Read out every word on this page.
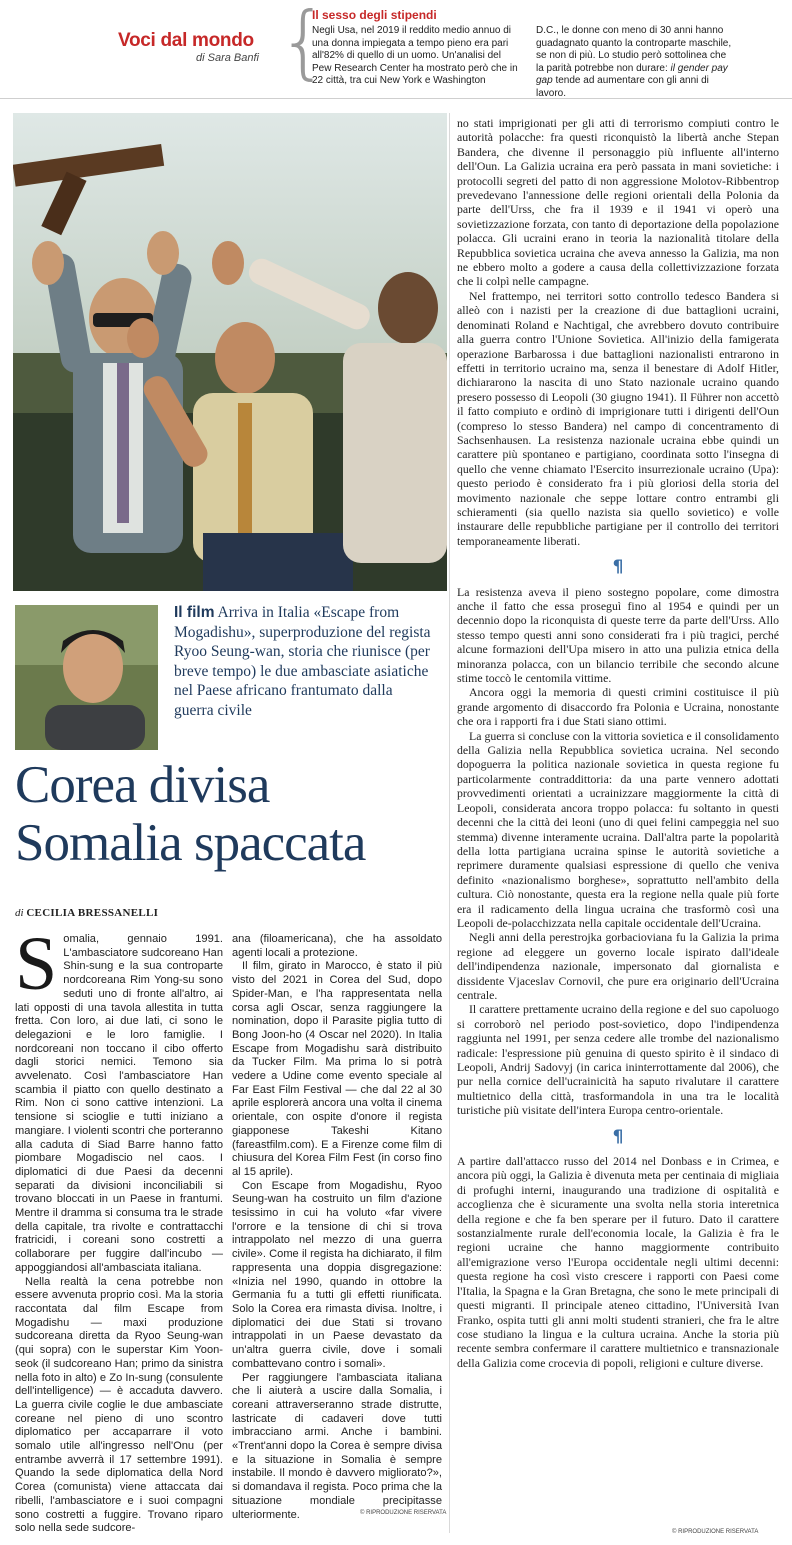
Voci dal mondo
di Sara Banfi {
Il sesso degli stipendi
Negli Usa, nel 2019 il reddito medio annuo di una donna impiegata a tempo pieno era pari all'82% di quello di un uomo. Un'analisi del Pew Research Center ha mostrato però che in 22 città, tra cui New York e Washington
D.C., le donne con meno di 30 anni hanno guadagnato quanto la controparte maschile, se non di più. Lo studio però sottolinea che la parità potrebbe non durare: il gender pay gap tende ad aumentare con gli anni di lavoro.
Il film Arriva in Italia «Escape from Mogadishu», superproduzione del regista Ryoo Seung-wan, storia che riunisce (per breve tempo) le due ambasciate asiatiche nel Paese africano frantumato dalla guerra civile
Corea divisa
Somalia spaccata
di CECILIA BRESSANELLI

Somalia, gennaio 1991. L'ambasciatore sudcoreano Han Shin-sung e la sua controparte nordcoreana Rim Yong-su sono seduti uno di fronte all'altro, ai lati opposti di una tavola allestita in tutta fretta. Con loro, ai due lati, ci sono le delegazioni e le loro famiglie. I nordcoreani non toccano il cibo offerto dagli storici nemici. Temono sia avvelenato. Così l'ambasciatore Han scambia il piatto con quello destinato a Rim. Non ci sono cattive intenzioni. La tensione si scioglie e tutti iniziano a mangiare. I violenti scontri che porteranno alla caduta di Siad Barre hanno fatto piombare Mogadiscio nel caos. I diplomatici di due Paesi da decenni separati da divisioni inconciliabili si trovano bloccati in un Paese in frantumi. Mentre il dramma si consuma tra le strade della capitale, tra rivolte e contrattacchi fratricidi, i coreani sono costretti a collaborare per fuggire dall'incubo — appoggiandosi all'ambasciata italiana.

Nella realtà la cena potrebbe non essere avvenuta proprio così. Ma la storia raccontata dal film Escape from Mogadishu — maxi produzione sudcoreana diretta da Ryoo Seung-wan (qui sopra) con le superstar Kim Yoon-seok (il sudcoreano Han; primo da sinistra nella foto in alto) e Zo In-sung (consulente dell'intelligence) — è accaduta davvero. La guerra civile coglie le due ambasciate coreane nel pieno di uno scontro diplomatico per accaparrare il voto somalo utile all'ingresso nell'Onu (per entrambe avverrà il 17 settembre 1991). Quando la sede diplomatica della Nord Corea (comunista) viene attaccata dai ribelli, l'ambasciatore e i suoi compagni sono costretti a fuggire. Trovano riparo solo nella sede sudcore-

ana (filoamericana), che ha assoldato agenti locali a protezione.

Il film, girato in Marocco, è stato il più visto del 2021 in Corea del Sud, dopo Spider-Man, e l'ha rappresentata nella corsa agli Oscar, senza raggiungere la nomination, dopo il Parasite piglia tutto di Bong Joon-ho (4 Oscar nel 2020). In Italia Escape from Mogadishu sarà distribuito da Tucker Film. Ma prima lo si potrà vedere a Udine come evento speciale al Far East Film Festival — che dal 22 al 30 aprile esplorerà ancora una volta il cinema orientale, con ospite d'onore il regista giapponese Takeshi Kitano (fareastfilm.com). E a Firenze come film di chiusura del Korea Film Fest (in corso fino al 15 aprile).

Con Escape from Mogadishu, Ryoo Seung-wan ha costruito un film d'azione tesissimo in cui ha voluto «far vivere l'orrore e la tensione di chi si trova intrappolato nel mezzo di una guerra civile». Come il regista ha dichiarato, il film rappresenta una doppia disgregazione: «Inizia nel 1990, quando in ottobre la Germania fu a tutti gli effetti riunificata. Solo la Corea era rimasta divisa. Inoltre, i diplomatici dei due Stati si trovano intrappolati in un Paese devastato da un'altra guerra civile, dove i somali combattevano contro i somali».

Per raggiungere l'ambasciata italiana che li aiuterà a uscire dalla Somalia, i coreani attraverseranno strade distrutte, lastricate di cadaveri dove tutti imbracciano armi. Anche i bambini. «Trent'anni dopo la Corea è sempre divisa e la situazione in Somalia è sempre instabile. Il mondo è davvero migliorato?», si domandava il regista. Poco prima che la situazione mondiale precipitasse ulteriormente.	© RIPRODUZIONE RISERVATA

no stati imprigionati per gli atti di terrorismo compiuti contro le autorità polacche: fra questi riconquistò la libertà anche Stepan Bandera, che divenne il personaggio più influente all'interno dell'Oun. La Galizia ucraina era però passata in mani sovietiche: i protocolli segreti del patto di non aggressione Molotov-Ribbentrop prevedevano l'annessione delle regioni orientali della Polonia da parte dell'Urss, che fra il 1939 e il 1941 vi operò una sovietizzazione forzata, con tanto di deportazione della popolazione polacca. Gli ucraini erano in teoria la nazionalità titolare della Repubblica sovietica ucraina che aveva annesso la Galizia, ma non ne ebbero molto a godere a causa della collettivizzazione forzata che li colpì nelle campagne.

Nel frattempo, nei territori sotto controllo tedesco Bandera si alleò con i nazisti per la creazione di due battaglioni ucraini, denominati Roland e Nachtigal, che avrebbero dovuto contribuire alla guerra contro l'Unione Sovietica. All'inizio della famigerata operazione Barbarossa i due battaglioni nazionalisti entrarono in effetti in territorio ucraino ma, senza il benestare di Adolf Hitler, dichiararono la nascita di uno Stato nazionale ucraino quando presero possesso di Leopoli (30 giugno 1941). Il Führer non accettò il fatto compiuto e ordinò di imprigionare tutti i dirigenti dell'Oun (compreso lo stesso Bandera) nel campo di concentramento di Sachsenhausen. La resistenza nazionale ucraina ebbe quindi un carattere più spontaneo e partigiano, coordinata sotto l'insegna di quello che venne chiamato l'Esercito insurrezionale ucraino (Upa): questo periodo è considerato fra i più gloriosi della storia del movimento nazionale che seppe lottare contro entrambi gli schieramenti (sia quello nazista sia quello sovietico) e volle instaurare delle repubbliche partigiane per il controllo dei territori temporaneamente liberati.

¶

La resistenza aveva il pieno sostegno popolare, come dimostra anche il fatto che essa proseguì fino al 1954 e quindi per un decennio dopo la riconquista di queste terre da parte dell'Urss. Allo stesso tempo questi anni sono considerati fra i più tragici, perché alcune formazioni dell'Upa misero in atto una pulizia etnica della minoranza polacca, con un bilancio terribile che secondo alcune stime toccò le centomila vittime.

Ancora oggi la memoria di questi crimini costituisce il più grande argomento di disaccordo fra Polonia e Ucraina, nonostante che ora i rapporti fra i due Stati siano ottimi.

La guerra si concluse con la vittoria sovietica e il consolidamento della Galizia nella Repubblica sovietica ucraina. Nel secondo dopoguerra la politica nazionale sovietica in questa regione fu particolarmente contraddittoria: da una parte vennero adottati provvedimenti orientati a ucrainizzare maggiormente la città di Leopoli, considerata ancora troppo polacca: fu soltanto in questi decenni che la città dei leoni (uno di quei felini campeggia nel suo stemma) divenne interamente ucraina. Dall'altra parte la popolarità della lotta partigiana ucraina spinse le autorità sovietiche a reprimere duramente qualsiasi espressione di quello che veniva definito «nazionalismo borghese», soprattutto nell'ambito della cultura. Ciò nonostante, questa era la regione nella quale più forte era il radicamento della lingua ucraina che trasformò così una Leopoli de-polacchizzata nella capitale occidentale dell'Ucraina.

Negli anni della perestrojka gorbacioviana fu la Galizia la prima regione ad eleggere un governo locale ispirato dall'ideale dell'indipendenza nazionale, impersonato dal giornalista e dissidente Vjaceslav Cornovil, che pure era originario dell'Ucraina centrale.

Il carattere prettamente ucraino della regione e del suo capoluogo si corroborò nel periodo post-sovietico, dopo l'indipendenza raggiunta nel 1991, per senza cedere alle trombe del nazionalismo radicale: l'espressione più genuina di questo spirito è il sindaco di Leopoli, Andrij Sadovyj (in carica ininterrottamente dal 2006), che pur nella cornice dell'ucrainicità ha saputo rivalutare il carattere multietnico della città, trasformandola in una tra le località turistiche più visitate dell'intera Europa centro-orientale.

¶

A partire dall'attacco russo del 2014 nel Donbass e in Crimea, e ancora più oggi, la Galizia è divenuta meta per centinaia di migliaia di profughi interni, inaugurando una tradizione di ospitalità e accoglienza che è sicuramente una svolta nella storia interetnica della regione e che fa ben sperare per il futuro. Dato il carattere sostanzialmente rurale dell'economia locale, la Galizia è fra le regioni ucraine che hanno maggiormente contribuito all'emigrazione verso l'Europa occidentale negli ultimi decenni: questa regione ha così visto crescere i rapporti con Paesi come l'Italia, la Spagna e la Gran Bretagna, che sono le mete principali di questi migranti. Il principale ateneo cittadino, l'Università Ivan Franko, ospita tutti gli anni molti studenti stranieri, che fra le altre cose studiano la lingua e la cultura ucraina. Anche la storia più recente sembra confermare il carattere multietnico e transnazionale della Galizia come crocevia di popoli, religioni e culture diverse.

© RIPRODUZIONE RISERVATA
